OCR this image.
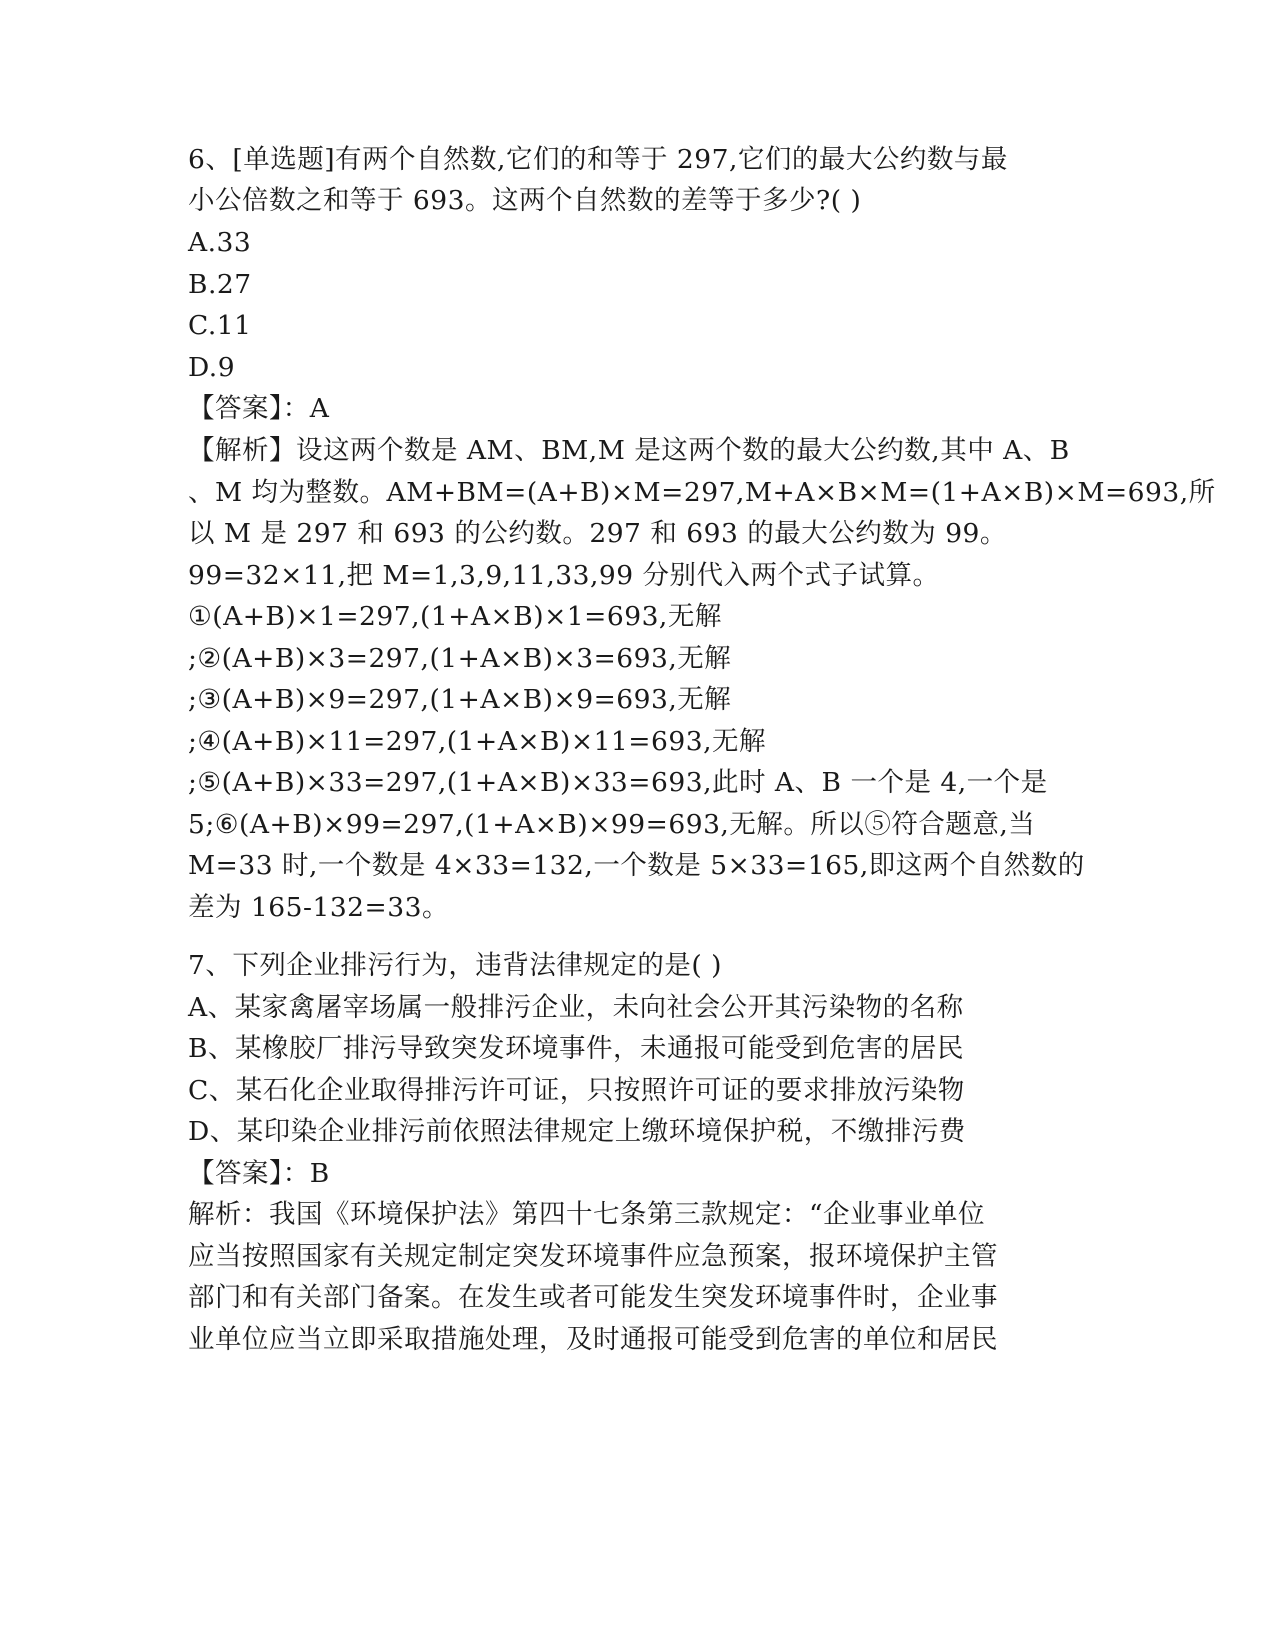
6、[单选题]有两个自然数,它们的和等于 297,它们的最大公约数与最
小公倍数之和等于 693。这两个自然数的差等于多少?( )
A.33
B.27
C.11
D.9
【答案】：A
【解析】设这两个数是 AM、BM,M 是这两个数的最大公约数,其中 A、B
、M 均为整数。AM+BM=(A+B)×M=297,M+A×B×M=(1+A×B)×M=693,所
以 M 是 297 和 693 的公约数。297 和 693 的最大公约数为 99。
99=32×11,把 M=1,3,9,11,33,99 分别代入两个式子试算。
①(A+B)×1=297,(1+A×B)×1=693,无解
;②(A+B)×3=297,(1+A×B)×3=693,无解
;③(A+B)×9=297,(1+A×B)×9=693,无解
;④(A+B)×11=297,(1+A×B)×11=693,无解
;⑤(A+B)×33=297,(1+A×B)×33=693,此时 A、B 一个是 4,一个是
5;⑥(A+B)×99=297,(1+A×B)×99=693,无解。所以⑤符合题意,当
M=33 时,一个数是 4×33=132,一个数是 5×33=165,即这两个自然数的
差为 165-132=33。
7、下列企业排污行为，违背法律规定的是( )
A、某家禽屠宰场属一般排污企业，未向社会公开其污染物的名称
B、某橡胶厂排污导致突发环境事件，未通报可能受到危害的居民
C、某石化企业取得排污许可证，只按照许可证的要求排放污染物
D、某印染企业排污前依照法律规定上缴环境保护税，不缴排污费
【答案】：B
解析：我国《环境保护法》第四十七条第三款规定：“企业事业单位
应当按照国家有关规定制定突发环境事件应急预案，报环境保护主管
部门和有关部门备案。在发生或者可能发生突发环境事件时，企业事
业单位应当立即采取措施处理，及时通报可能受到危害的单位和居民
